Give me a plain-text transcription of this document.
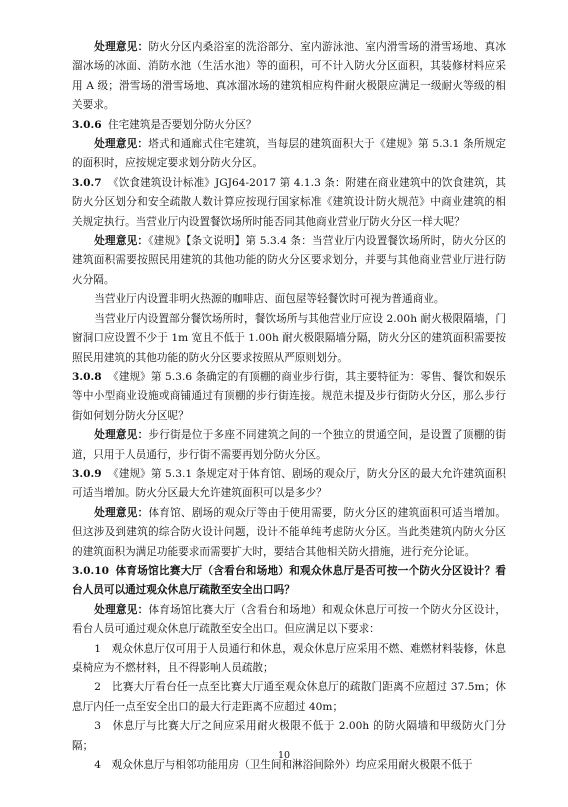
处理意见：防火分区内桑浴室的洗浴部分、室内游泳池、室内滑雪场的滑雪场地、真冰溜冰场的冰面、消防水池（生活水池）等的面积，可不计入防火分区面积，其装修材料应采用 A 级；滑雪场的滑雪场地、真冰溜冰场的建筑相应构件耐火极限应满足一级耐火等级的相关要求。

3.0.6 住宅建筑是否要划分防火分区？

处理意见：塔式和通廊式住宅建筑，当每层的建筑面积大于《建规》第 5.3.1 条所规定的面积时，应按规定要求划分防火分区。

3.0.7 《饮食建筑设计标准》JGJ64-2017 第 4.1.3 条：附建在商业建筑中的饮食建筑，其防火分区划分和安全疏散人数计算应按现行国家标准《建筑设计防火规范》中商业建筑的相关规定执行。当营业厅内设置餐饮场所时能否同其他商业营业厅防火分区一样大呢？

处理意见：《建规》【条文说明】第 5.3.4 条：当营业厅内设置餐饮场所时，防火分区的建筑面积需要按照民用建筑的其他功能的防火分区要求划分，并要与其他商业营业厅进行防火分隔。

当营业厅内设置非明火热源的咖啡店、面包屋等轻餐饮时可视为普通商业。

当营业厅内设置部分餐饮场所时，餐饮场所与其他营业厅应设 2.00h 耐火极限隔墙，门窗洞口应设置不少于 1m 宽且不低于 1.00h 耐火极限隔墙分隔，防火分区的建筑面积需要按照民用建筑的其他功能的防火分区要求按照从严原则划分。

3.0.8 《建规》第 5.3.6 条确定的有顶棚的商业步行街，其主要特征为：零售、餐饮和娱乐等中小型商业设施或商铺通过有顶棚的步行街连接。规范未提及步行街防火分区，那么步行街如何划分防火分区呢？

处理意见：步行街是位于多座不同建筑之间的一个独立的贯通空间，是设置了顶棚的街道，只用于人员通行，步行街不需要再划分防火分区。

3.0.9 《建规》第 5.3.1 条规定对于体育馆、剧场的观众厅，防火分区的最大允许建筑面积可适当增加。防火分区最大允许建筑面积可以是多少？

处理意见：体育馆、剧场的观众厅等由于使用需要，防火分区的建筑面积可适当增加。但这涉及到建筑的综合防火设计问题，设计不能单纯考虑防火分区。当此类建筑内防火分区的建筑面积为满足功能要求而需要扩大时，要结合其他相关防火措施，进行充分论证。

3.0.10 体育场馆比赛大厅（含看台和场地）和观众休息厅是否可按一个防火分区设计？看台人员可以通过观众休息厅疏散至安全出口吗？

处理意见：体育场馆比赛大厅（含看台和场地）和观众休息厅可按一个防火分区设计，看台人员可通过观众休息厅疏散至安全出口。但应满足以下要求：

1　观众休息厅仅可用于人员通行和休息，观众休息厅应采用不燃、难燃材料装修，休息桌椅应为不燃材料，且不得影响人员疏散；

2　比赛大厅看台任一点至比赛大厅通至观众休息厅的疏散门距离不应超过 37.5m；休息厅内任一点至安全出口的最大行走距离不应超过 40m；

3　休息厅与比赛大厅之间应采用耐火极限不低于 2.00h 的防火隔墙和甲级防火门分隔；

4　观众休息厅与相邻功能用房（卫生间和淋浴间除外）均应采用耐火极限不低于

10
